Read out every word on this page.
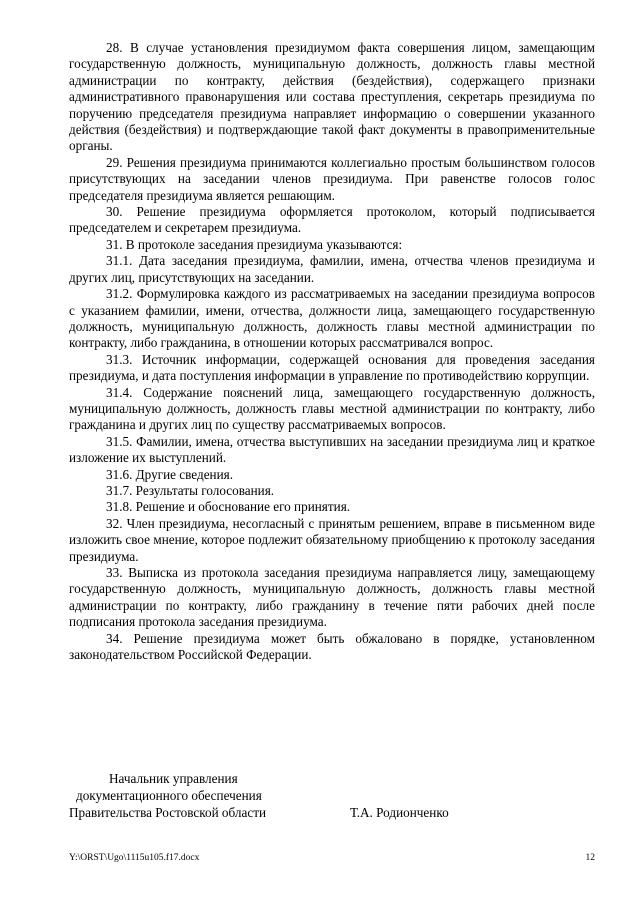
28. В случае установления президиумом факта совершения лицом, замещающим государственную должность, муниципальную должность, должность главы местной администрации по контракту, действия (бездействия), содержащего признаки административного правонарушения или состава преступления, секретарь президиума по поручению председателя президиума направляет информацию о совершении указанного действия (бездействия) и подтверждающие такой факт документы в правоприменительные органы.

29. Решения президиума принимаются коллегиально простым большинством голосов присутствующих на заседании членов президиума. При равенстве голосов голос председателя президиума является решающим.

30. Решение президиума оформляется протоколом, который подписывается председателем и секретарем президиума.

31. В протоколе заседания президиума указываются:

31.1. Дата заседания президиума, фамилии, имена, отчества членов президиума и других лиц, присутствующих на заседании.

31.2. Формулировка каждого из рассматриваемых на заседании президиума вопросов с указанием фамилии, имени, отчества, должности лица, замещающего государственную должность, муниципальную должность, должность главы местной администрации по контракту, либо гражданина, в отношении которых рассматривался вопрос.

31.3. Источник информации, содержащей основания для проведения заседания президиума, и дата поступления информации в управление по противодействию коррупции.

31.4. Содержание пояснений лица, замещающего государственную должность, муниципальную должность, должность главы местной администрации по контракту, либо гражданина и других лиц по существу рассматриваемых вопросов.

31.5. Фамилии, имена, отчества выступивших на заседании президиума лиц и краткое изложение их выступлений.

31.6. Другие сведения.

31.7. Результаты голосования.

31.8. Решение и обоснование его принятия.

32. Член президиума, несогласный с принятым решением, вправе в письменном виде изложить свое мнение, которое подлежит обязательному приобщению к протоколу заседания президиума.

33. Выписка из протокола заседания президиума направляется лицу, замещающему государственную должность, муниципальную должность, должность главы местной администрации по контракту, либо гражданину в течение пяти рабочих дней после подписания протокола заседания президиума.

34. Решение президиума может быть обжаловано в порядке, установленном законодательством Российской Федерации.

Начальник управления

документационного обеспечения

Правительства Ростовской области	Т.А. Родионченко
Y:\ORST\Ugo\1115u105.f17.docx	12
